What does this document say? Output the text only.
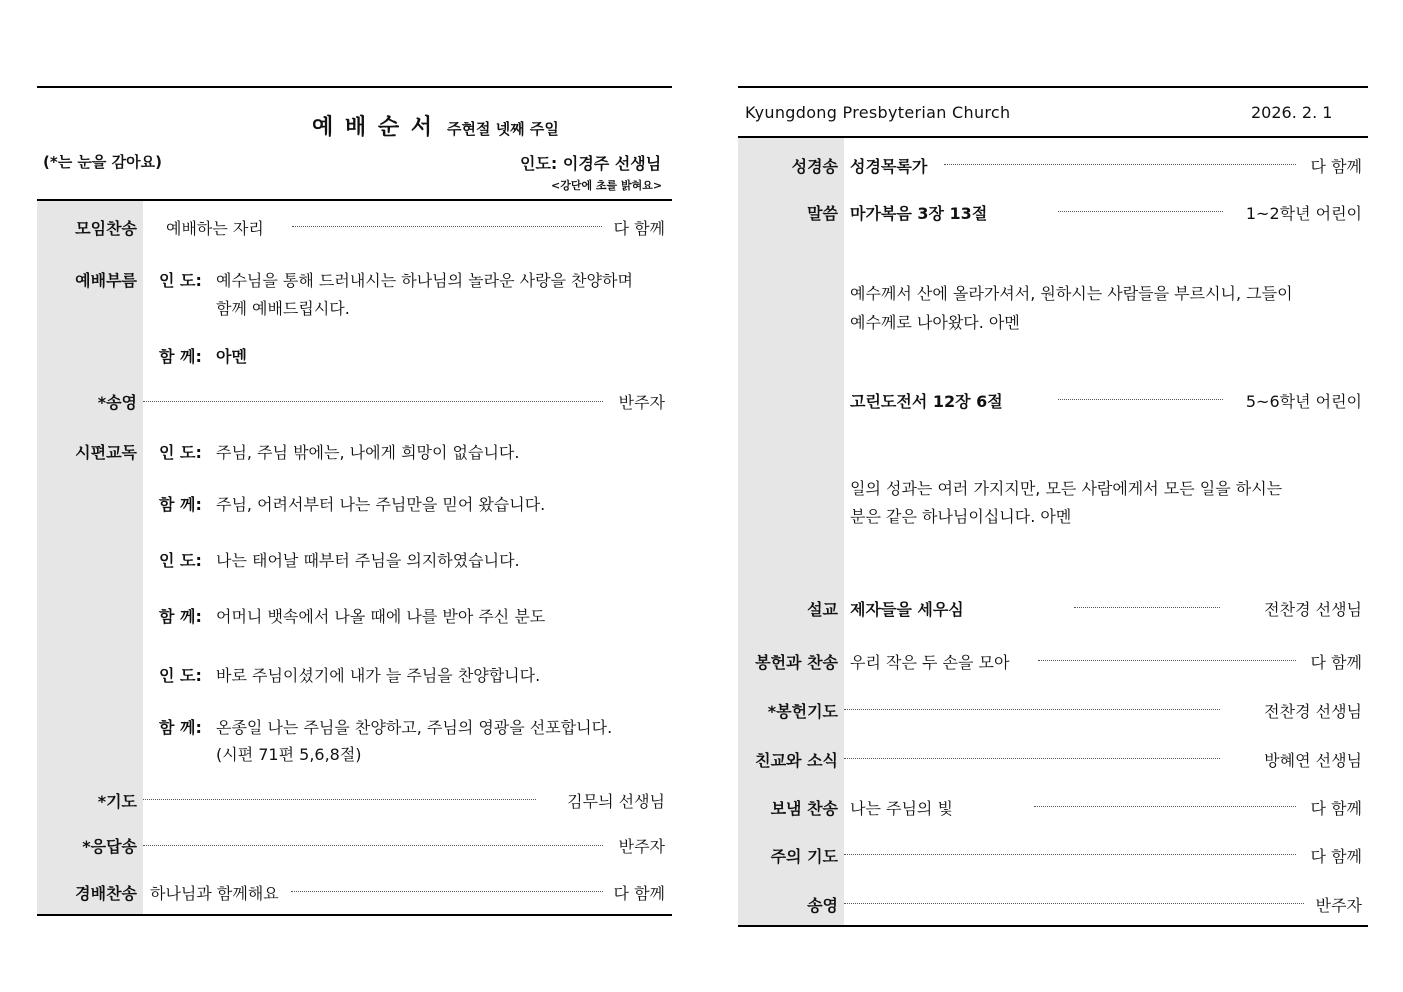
예 배 순 서 주현절 넷째 주일
(*는 눈을 감아요)	인도: 이경주 선생님
<강단에 초를 밝혀요>
모임찬송 예배하는 자리	다 함께
예배부름 인 도: 예수님을 통해 드러내시는 하나님의 놀라운 사랑을 찬양하며
함께 예배드립시다.
함 께: 아멘
*송영	반주자
시편교독 인 도: 주님, 주님 밖에는, 나에게 희망이 없습니다.
함 께: 주님, 어려서부터 나는 주님만을 믿어 왔습니다.
인 도: 나는 태어날 때부터 주님을 의지하였습니다.
함 께: 어머니 뱃속에서 나올 때에 나를 받아 주신 분도
인 도: 바로 주님이셨기에 내가 늘 주님을 찬양합니다.
함 께: 온종일 나는 주님을 찬양하고, 주님의 영광을 선포합니다.
(시편 71편 5,6,8절)
*기도	김무늬 선생님
*응답송	반주자
경배찬송 하나님과 함께해요	다 함께
Kyungdong Presbyterian Church	2026. 2. 1
성경송 성경목록가	다 함께
말씀 마가복음 3장 13절	1~2학년 어린이
예수께서 산에 올라가셔서, 원하시는 사람들을 부르시니, 그들이
예수께로 나아왔다. 아멘
고린도전서 12장 6절	5~6학년 어린이
일의 성과는 여러 가지지만, 모든 사람에게서 모든 일을 하시는
분은 같은 하나님이십니다. 아멘
설교 제자들을 세우심	전찬경 선생님
봉헌과 찬송 우리 작은 두 손을 모아	다 함께
*봉헌기도	전찬경 선생님
친교와 소식	방혜연 선생님
보냄 찬송 나는 주님의 빛	다 함께
주의 기도	다 함께
송영	반주자
